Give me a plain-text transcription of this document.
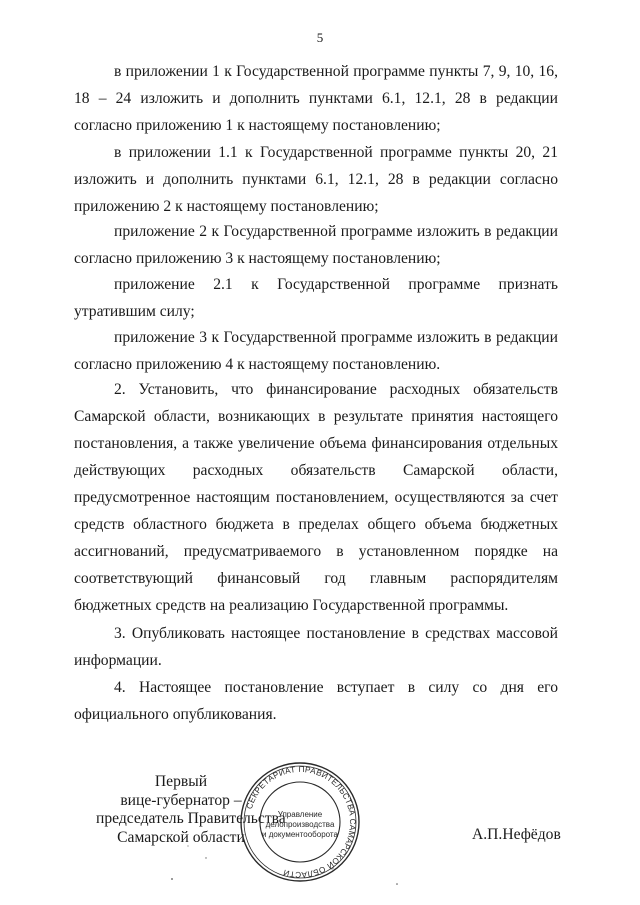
5

в приложении 1 к Государственной программе пункты 7, 9, 10, 16, 18 – 24 изложить и дополнить пунктами 6.1, 12.1, 28 в редакции согласно приложению 1 к настоящему постановлению;

в приложении 1.1 к Государственной программе пункты 20, 21 изложить и дополнить пунктами 6.1, 12.1, 28 в редакции согласно приложению 2 к настоящему постановлению;

приложение 2 к Государственной программе изложить в редакции согласно приложению 3 к настоящему постановлению;

приложение 2.1 к Государственной программе признать утратившим силу;

приложение 3 к Государственной программе изложить в редакции согласно приложению 4 к настоящему постановлению.

2. Установить, что финансирование расходных обязательств Самарской области, возникающих в результате принятия настоящего постановления, а также увеличение объема финансирования отдельных действующих расходных обязательств Самарской области, предусмотренное настоящим постановлением, осуществляются за счет средств областного бюджета в пределах общего объема бюджетных ассигнований, предусматриваемого в установленном порядке на соответствующий финансовый год главным распорядителям бюджетных средств на реализацию Государственной программы.

3. Опубликовать настоящее постановление в средствах массовой информации.

4. Настоящее постановление вступает в силу со дня его официального опубликования.

Первый
вице-губернатор –
председатель Правительства
Самарской области	А.П.Нефёдов
СЕКРЕТАРИАТ ПРАВИТЕЛЬСТВА САМАРСКОЙ ОБЛАСТИ
Управление
делопроизводства
и документооборота
